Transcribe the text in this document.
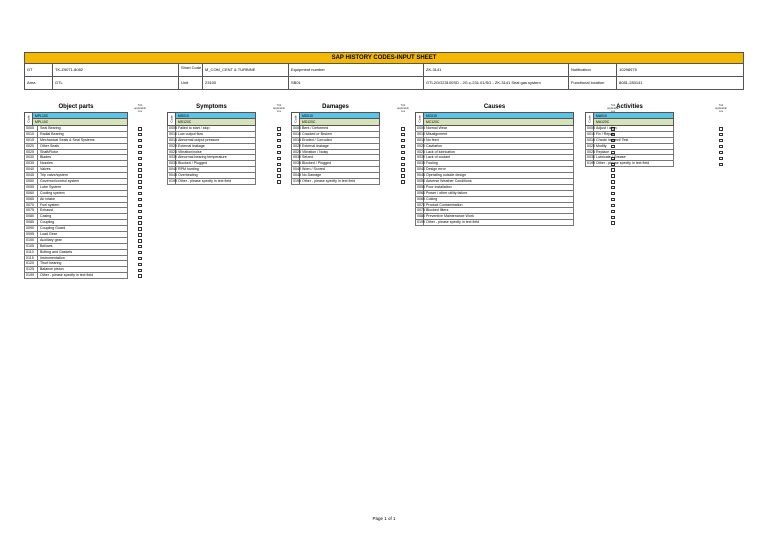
SAP HISTORY CODES-INPUT SHEET
GT	TK-Z9071-8082	Short Code M_COM_CENT & TURBINE	Equipment number	ZK-3141	Notification	10298975
Area	GTL	Unit	23100	SB01	GTL2GG23100SD - 2G.c-231.01/SG - ZK-3141 Seal gas system	Functional location	8081-283141
Object parts	Tick applicable one
Code	MPL10C
MPL10C
0005	Seal Bearing
0010	Radial Bearing
0015	Mechanical Seals & Seal Systems
0020	Other Seals
0025	Shaft/Rotor
0030	Blades
0035	Nozzles
0040	Valves
0045	Trip valve/system
0050	Governor/control system
0055	Lube System
0060	Cooling system
0065	Air intake
0070	Fuel system
0075	Exhaust
0080	Casing
0085	Coupling
0090	Coupling Guard
0095	Load Gear
0100	Auxiliary gear
0105	Bellows
0110	Bolting and Gaskets
0115	Instrumentation
0120	Thurt bearing
0125	Balance piston
0199	Other - please specify in text field
Symptoms	Tick applicable one
Code	MS010
MS120C
0005 Failed to start / stop
0010 Low output flow
0015 Abnormal output pressure
0020 External leakage
0025 Vibration/noise
0030 Abnormal bearing temperature
0035 Blocked / Plugged
0040 RPM hunting
0045 Overheating
0199 Other - please specify in text field
Damages	Tick applicable one
Code	MD010
MD120C
0005 Bent / Deformed
0010 Cracked or Broken
0015 Eroded / Corroded
0020 External leakage
0025 Vibration / Noisy
0030 Seized
0035 Blocked / Plugged
0040 Worn / Scored
0045 No Damage
0199 Other - please specify in text field
Causes	Tick applicable
Code	MC010
MC120C
0005 Normal Wear
0010 Misalignment
0015 No feed
0020 Cavitation
0025 Lack of lubrication
0030 Lack of coolant
0035 Fouling
0040 Design error
0045 Operating outside design
0050 Adverse Weather Conditions
0055 Poor installation
0060 Power / other utility failure
0065 Coking
0070 Product Contamination
0075 Blocked filters
0080 Preventive Maintenance Work
0199 Other - please specify in text field
Activities	Tick applicable one
Code	MA010
MA120C
0005 Adjust / align
0010 Fix / Repair
0015 Check/ Inspect/ Test
0020 Modify
0025 Replace
0030 Lubricate / Grease
0199 Other - please specify in text field
Page 1 of 1
